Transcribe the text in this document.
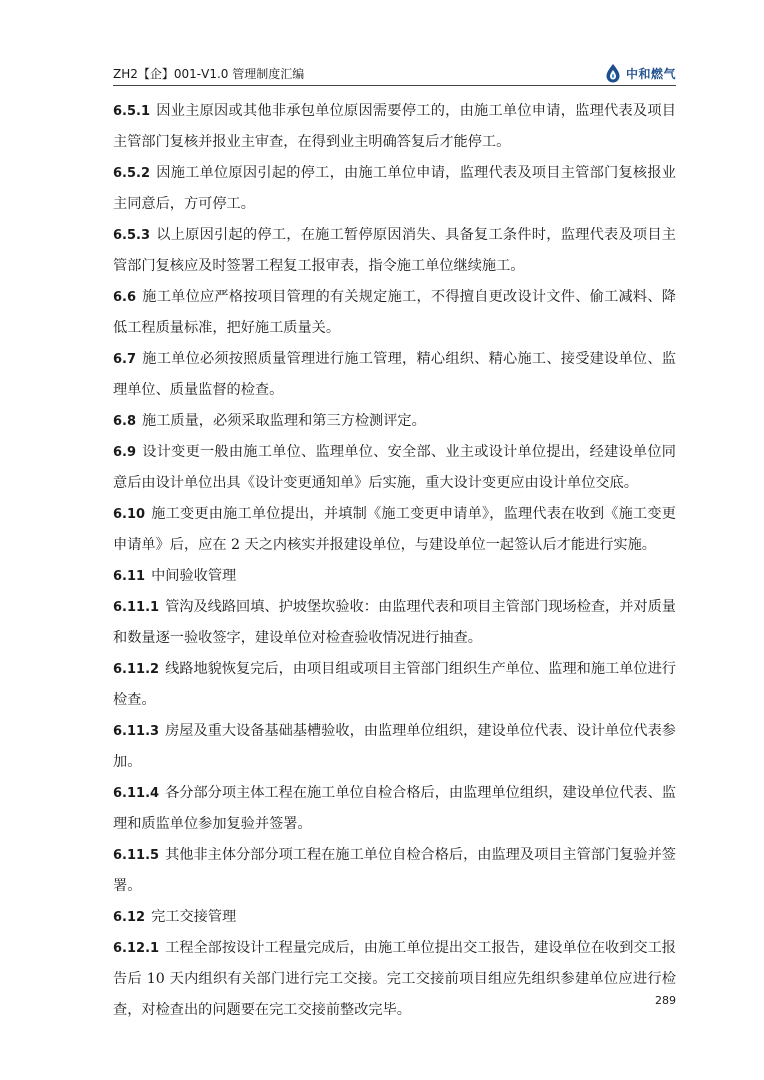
ZH2【企】001-V1.0 管理制度汇编	中和燃气

6.5.1 因业主原因或其他非承包单位原因需要停工的，由施工单位申请，监理代表及项目主管部门复核并报业主审查，在得到业主明确答复后才能停工。

6.5.2 因施工单位原因引起的停工，由施工单位申请，监理代表及项目主管部门复核报业主同意后，方可停工。

6.5.3 以上原因引起的停工，在施工暂停原因消失、具备复工条件时，监理代表及项目主管部门复核应及时签署工程复工报审表，指令施工单位继续施工。

6.6 施工单位应严格按项目管理的有关规定施工，不得擅自更改设计文件、偷工减料、降低工程质量标准，把好施工质量关。

6.7 施工单位必须按照质量管理进行施工管理，精心组织、精心施工、接受建设单位、监理单位、质量监督的检查。

6.8 施工质量，必须采取监理和第三方检测评定。

6.9 设计变更一般由施工单位、监理单位、安全部、业主或设计单位提出，经建设单位同意后由设计单位出具《设计变更通知单》后实施，重大设计变更应由设计单位交底。

6.10 施工变更由施工单位提出，并填制《施工变更申请单》，监理代表在收到《施工变更申请单》后，应在 2 天之内核实并报建设单位，与建设单位一起签认后才能进行实施。

6.11 中间验收管理

6.11.1 管沟及线路回填、护坡堡坎验收：由监理代表和项目主管部门现场检查，并对质量和数量逐一验收签字，建设单位对检查验收情况进行抽查。

6.11.2 线路地貌恢复完后，由项目组或项目主管部门组织生产单位、监理和施工单位进行检查。

6.11.3 房屋及重大设备基础基槽验收，由监理单位组织，建设单位代表、设计单位代表参加。

6.11.4 各分部分项主体工程在施工单位自检合格后，由监理单位组织，建设单位代表、监理和质监单位参加复验并签署。

6.11.5 其他非主体分部分项工程在施工单位自检合格后，由监理及项目主管部门复验并签署。

6.12 完工交接管理

6.12.1 工程全部按设计工程量完成后，由施工单位提出交工报告，建设单位在收到交工报告后 10 天内组织有关部门进行完工交接。完工交接前项目组应先组织参建单位应进行检查，对检查出的问题要在完工交接前整改完毕。

289
